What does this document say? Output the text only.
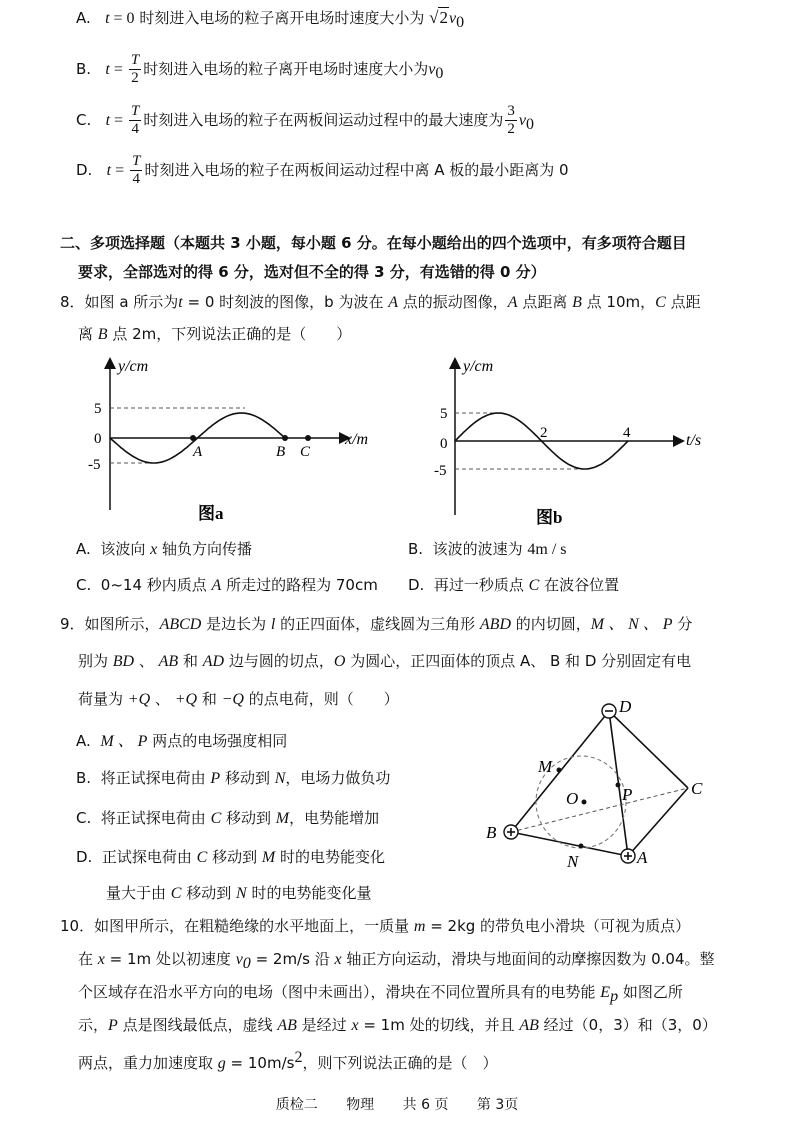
A. t = 0 时刻进入电场的粒子离开电场时速度大小为 $√2v_0$
B. $t = \frac{T}{2}$ 时刻进入电场的粒子离开电场时速度大小为$v_0$
C. $t = \frac{T}{4}$ 时刻进入电场的粒子在两板间运动过程中的最大速度为 $\frac{3}{2} v_0$
D. $t = \frac{T}{4}$ 时刻进入电场的粒子在两板间运动过程中离 A 板的最小距离为 0
二、多项选择题（本题共 3 小题，每小题 6 分。在每小题给出的四个选项中，有多项符合题目
要求，全部选对的得 6 分，选对但不全的得 3 分，有选错的得 0 分）
8．如图 a 所示为t = 0 时刻波的图像，b 为波在 A 点的振动图像，A 点距离 B 点 10m，C 点距
离 B 点 2m，下列说法正确的是（　　）
y/cm
x/m
5
0
-5
A	B C
图a
y/cm
t/s
5
0
-5
2	4
图b
A. 该波向 x 轴负方向传播	B. 该波的波速为 4m / s
C. 0~14 秒内质点 A 所走过的路程为 70cm D. 再过一秒质点 C 在波谷位置
9．如图所示，ABCD 是边长为 l 的正四面体，虚线圆为三角形 ABD 的内切圆，M 、 N 、 P 分
别为 BD 、 AB 和 AD 边与圆的切点，O 为圆心，正四面体的顶点 A、 B 和 D 分别固定有电
荷量为 +Q 、 +Q 和 −Q 的点电荷，则（　　）
A. M 、 P 两点的电场强度相同
B. 将正试探电荷由 P 移动到 N，电场力做负功
C. 将正试探电荷由 C 移动到 M，电势能增加
D. 正试探电荷由 C 移动到 M 时的电势能变化
量大于由 C 移动到 N 时的电势能变化量
D
M
P
O
C
B
N	A
10．如图甲所示，在粗糙绝缘的水平地面上，一质量 m = 2kg 的带负电小滑块（可视为质点）
在 x = 1m 处以初速度 $v_0 = 2m/s$ 沿 x 轴正方向运动，滑块与地面间的动摩擦因数为 0.04。整
个区域存在沿水平方向的电场（图中未画出），滑块在不同位置所具有的电势能 $E_p$ 如图乙所
示，P 点是图线最低点，虚线 AB 是经过 x = 1m 处的切线，并且 AB 经过（0，3）和（3，0）
两点，重力加速度取 $g = 10m/s^2$，则下列说法正确的是（　）
质检二 物理 共 6 页 第 3页
